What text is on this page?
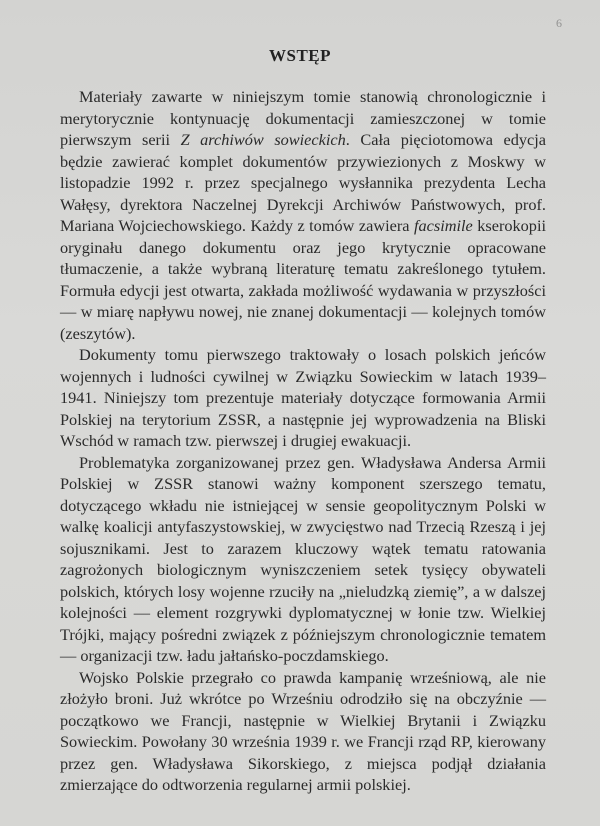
6
WSTĘP

Materiały zawarte w niniejszym tomie stanowią chronologicznie i merytorycznie kontynuację dokumentacji zamieszczonej w tomie pierwszym serii Z archiwów sowieckich. Cała pięciotomowa edycja będzie zawierać komplet dokumentów przywiezionych z Moskwy w listopadzie 1992 r. przez specjalnego wysłannika prezydenta Lecha Wałęsy, dyrektora Naczelnej Dyrekcji Archiwów Państwowych, prof. Mariana Wojciechowskiego. Każdy z tomów zawiera facsimile kserokopii oryginału danego dokumentu oraz jego krytycznie opracowane tłumaczenie, a także wybraną literaturę tematu zakreślonego tytułem. Formuła edycji jest otwarta, zakłada możliwość wydawania w przyszłości — w miarę napływu nowej, nie znanej dokumentacji — kolejnych tomów (zeszytów).

Dokumenty tomu pierwszego traktowały o losach polskich jeńców wojennych i ludności cywilnej w Związku Sowieckim w latach 1939–1941. Niniejszy tom prezentuje materiały dotyczące formowania Armii Polskiej na terytorium ZSSR, a następnie jej wyprowadzenia na Bliski Wschód w ramach tzw. pierwszej i drugiej ewakuacji.

Problematyka zorganizowanej przez gen. Władysława Andersa Armii Polskiej w ZSSR stanowi ważny komponent szerszego tematu, dotyczącego wkładu nie istniejącej w sensie geopolitycznym Polski w walkę koalicji antyfaszystowskiej, w zwycięstwo nad Trzecią Rzeszą i jej sojusznikami. Jest to zarazem kluczowy wątek tematu ratowania zagrożonych biologicznym wyniszczeniem setek tysięcy obywateli polskich, których losy wojenne rzuciły na „nieludzką ziemię”, a w dalszej kolejności — element rozgrywki dyplomatycznej w łonie tzw. Wielkiej Trójki, mający pośredni związek z późniejszym chronologicznie tematem — organizacji tzw. ładu jałtańsko-poczdamskiego.

Wojsko Polskie przegrało co prawda kampanię wrześniową, ale nie złożyło broni. Już wkrótce po Wrześniu odrodziło się na obczyźnie — początkowo we Francji, następnie w Wielkiej Brytanii i Związku Sowieckim. Powołany 30 września 1939 r. we Francji rząd RP, kierowany przez gen. Władysława Sikorskiego, z miejsca podjął działania zmierzające do odtworzenia regularnej armii polskiej.
